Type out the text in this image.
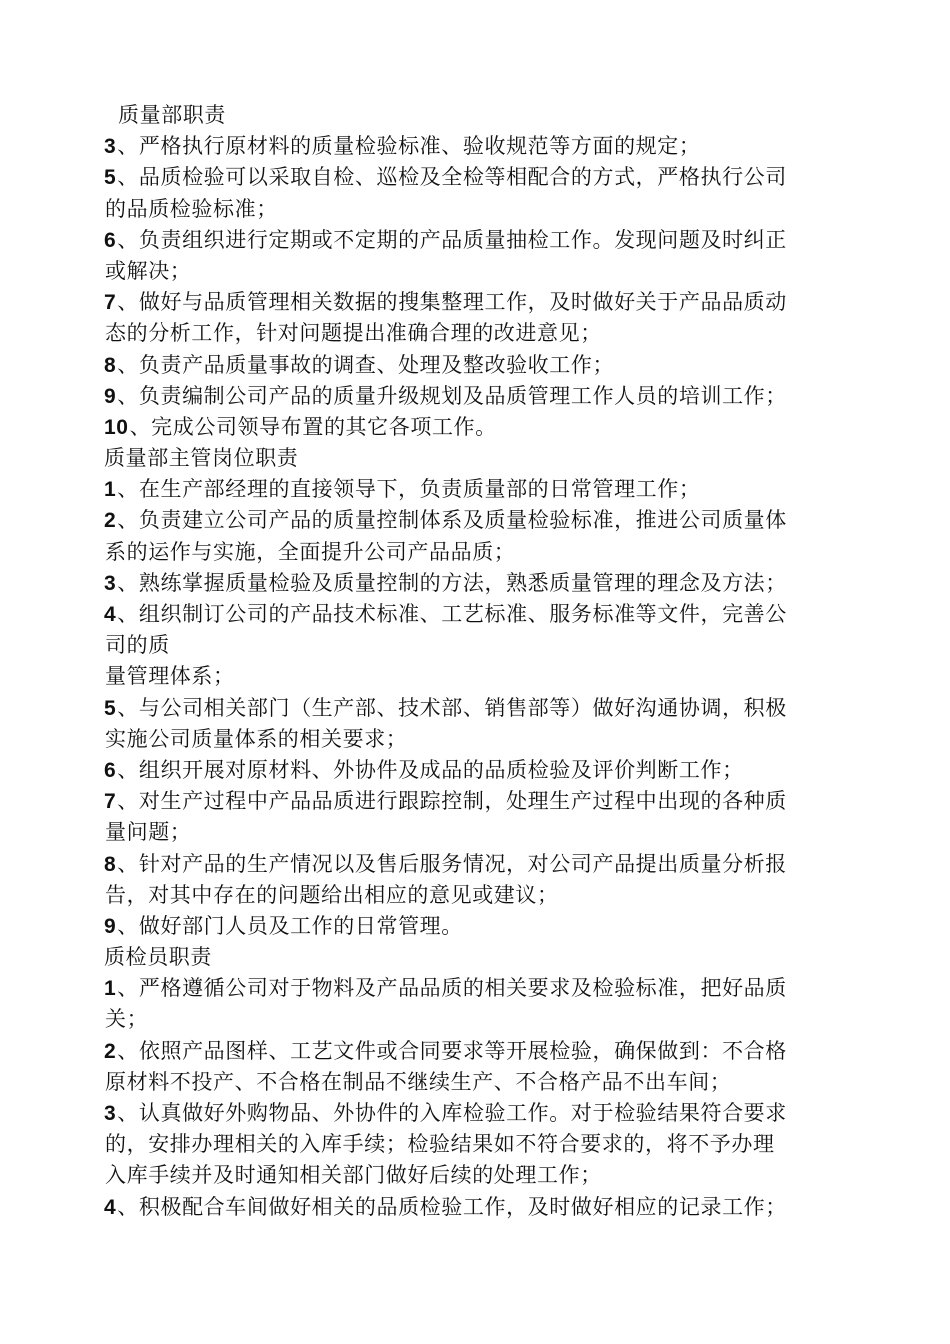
质量部职责
3、严格执行原材料的质量检验标准、验收规范等方面的规定；
5、品质检验可以采取自检、巡检及全检等相配合的方式，严格执行公司
的品质检验标准；
6、负责组织进行定期或不定期的产品质量抽检工作。发现问题及时纠正
或解决；
7、做好与品质管理相关数据的搜集整理工作，及时做好关于产品品质动
态的分析工作，针对问题提出准确合理的改进意见；
8、负责产品质量事故的调查、处理及整改验收工作；
9、负责编制公司产品的质量升级规划及品质管理工作人员的培训工作；
10、完成公司领导布置的其它各项工作。
质量部主管岗位职责
1、在生产部经理的直接领导下，负责质量部的日常管理工作；
2、负责建立公司产品的质量控制体系及质量检验标准，推进公司质量体
系的运作与实施，全面提升公司产品品质；
3、熟练掌握质量检验及质量控制的方法，熟悉质量管理的理念及方法；
4、组织制订公司的产品技术标准、工艺标准、服务标准等文件，完善公
司的质
量管理体系；
5、与公司相关部门（生产部、技术部、销售部等）做好沟通协调，积极
实施公司质量体系的相关要求；
6、组织开展对原材料、外协件及成品的品质检验及评价判断工作；
7、对生产过程中产品品质进行跟踪控制，处理生产过程中出现的各种质
量问题；
8、针对产品的生产情况以及售后服务情况，对公司产品提出质量分析报
告，对其中存在的问题给出相应的意见或建议；
9、做好部门人员及工作的日常管理。
质检员职责
1、严格遵循公司对于物料及产品品质的相关要求及检验标准，把好品质
关；
2、依照产品图样、工艺文件或合同要求等开展检验，确保做到：不合格
原材料不投产、不合格在制品不继续生产、不合格产品不出车间；
3、认真做好外购物品、外协件的入库检验工作。对于检验结果符合要求
的，安排办理相关的入库手续；检验结果如不符合要求的，将不予办理
入库手续并及时通知相关部门做好后续的处理工作；
4、积极配合车间做好相关的品质检验工作，及时做好相应的记录工作；
